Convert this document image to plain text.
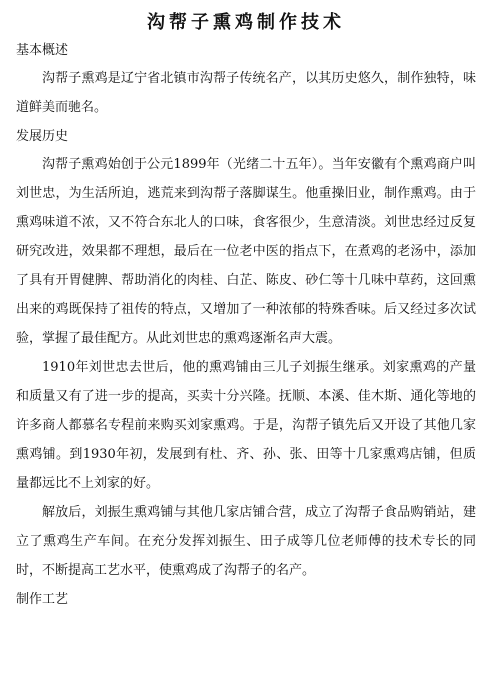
沟帮子熏鸡制作技术
基本概述

沟帮子熏鸡是辽宁省北镇市沟帮子传统名产，以其历史悠久，制作独特，味道鲜美而驰名。

发展历史

沟帮子熏鸡始创于公元1899年（光绪二十五年）。当年安徽有个熏鸡商户叫刘世忠，为生活所迫，逃荒来到沟帮子落脚谋生。他重操旧业，制作熏鸡。由于熏鸡味道不浓，又不符合东北人的口味，食客很少，生意清淡。刘世忠经过反复研究改进，效果都不理想，最后在一位老中医的指点下，在煮鸡的老汤中，添加了具有开胃健脾、帮助消化的肉桂、白芷、陈皮、砂仁等十几味中草药，这回熏出来的鸡既保持了祖传的特点，又增加了一种浓郁的特殊香味。后又经过多次试验，掌握了最佳配方。从此刘世忠的熏鸡逐渐名声大震。

1910年刘世忠去世后，他的熏鸡铺由三儿子刘振生继承。刘家熏鸡的产量和质量又有了进一步的提高，买卖十分兴隆。抚顺、本溪、佳木斯、通化等地的许多商人都慕名专程前来购买刘家熏鸡。于是，沟帮子镇先后又开设了其他几家熏鸡铺。到1930年初，发展到有杜、齐、孙、张、田等十几家熏鸡店铺，但质量都远比不上刘家的好。

解放后，刘振生熏鸡铺与其他几家店铺合营，成立了沟帮子食品购销站，建立了熏鸡生产车间。在充分发挥刘振生、田子成等几位老师傅的技术专长的同时，不断提高工艺水平，使熏鸡成了沟帮子的名产。

制作工艺
